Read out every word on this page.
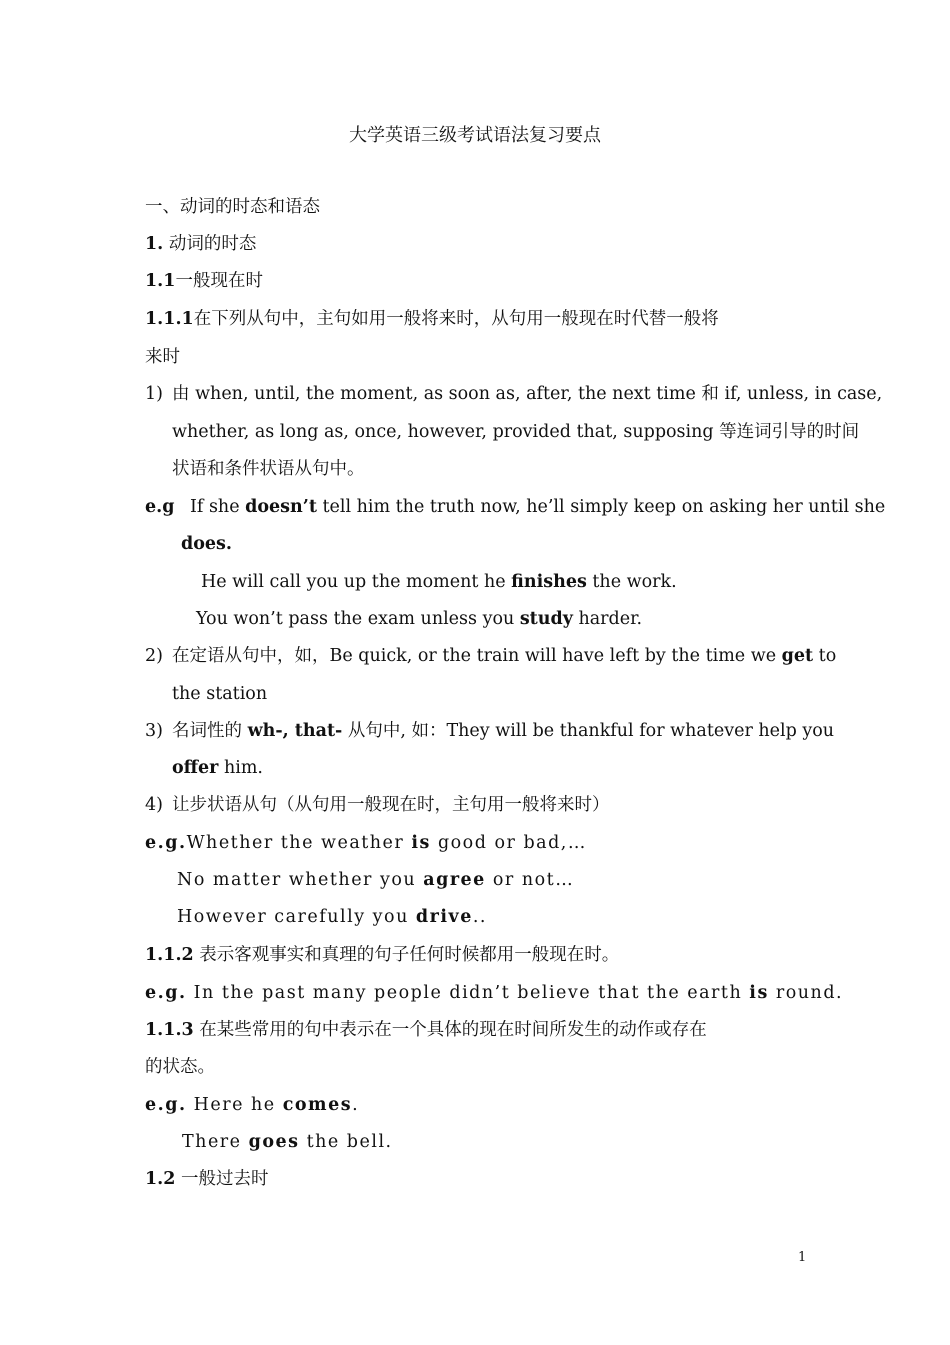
大学英语三级考试语法复习要点
一、动词的时态和语态
1. 动词的时态
1.1一般现在时
1.1.1在下列从句中，主句如用一般将来时，从句用一般现在时代替一般将
来时
1) 由 when, until, the moment, as soon as, after, the next time 和 if, unless, in case,
whether, as long as, once, however, provided that, supposing 等连词引导的时间
状语和条件状语从句中。
e.g If she doesn’t tell him the truth now, he’ll simply keep on asking her until she
does.
He will call you up the moment he finishes the work.
You won’t pass the exam unless you study harder.
2) 在定语从句中，如，Be quick, or the train will have left by the time we get to
the station
3) 名词性的 wh-, that- 从句中, 如：They will be thankful for whatever help you
offer him.
4) 让步状语从句（从句用一般现在时，主句用一般将来时）
e.g.Whether the weather is good or bad,…
No matter whether you agree or not…
However carefully you drive..
1.1.2 表示客观事实和真理的句子任何时候都用一般现在时。
e.g. In the past many people didn’t believe that the earth is round.
1.1.3 在某些常用的句中表示在一个具体的现在时间所发生的动作或存在
的状态。
e.g. Here he comes.
There goes the bell.
1.2 一般过去时
1
